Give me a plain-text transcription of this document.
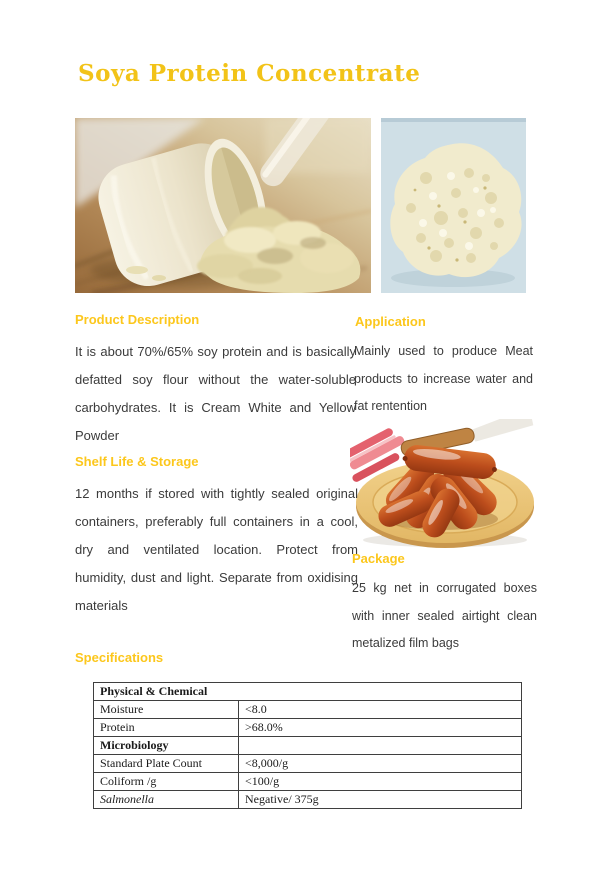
Soya Protein Concentrate
Product Description
It is about 70%/65% soy protein and is basically defatted soy flour without the water-soluble carbohydrates. It is Cream White and Yellow Powder
Application
Mainly used to produce Meat products to increase water and fat rentention
Shelf Life & Storage
12 months if stored with tightly sealed original containers, preferably full containers in a cool, dry and ventilated location. Protect from humidity, dust and light. Separate from oxidising materials
Package
25 kg net in corrugated boxes with inner sealed airtight clean metalized film bags
Specifications
Physical & Chemical	
Moisture	<8.0
Protein	>68.0%
Microbiology	
Standard Plate Count	<8,000/g
Coliform /g	<100/g
Salmonella	Negative/ 375g
